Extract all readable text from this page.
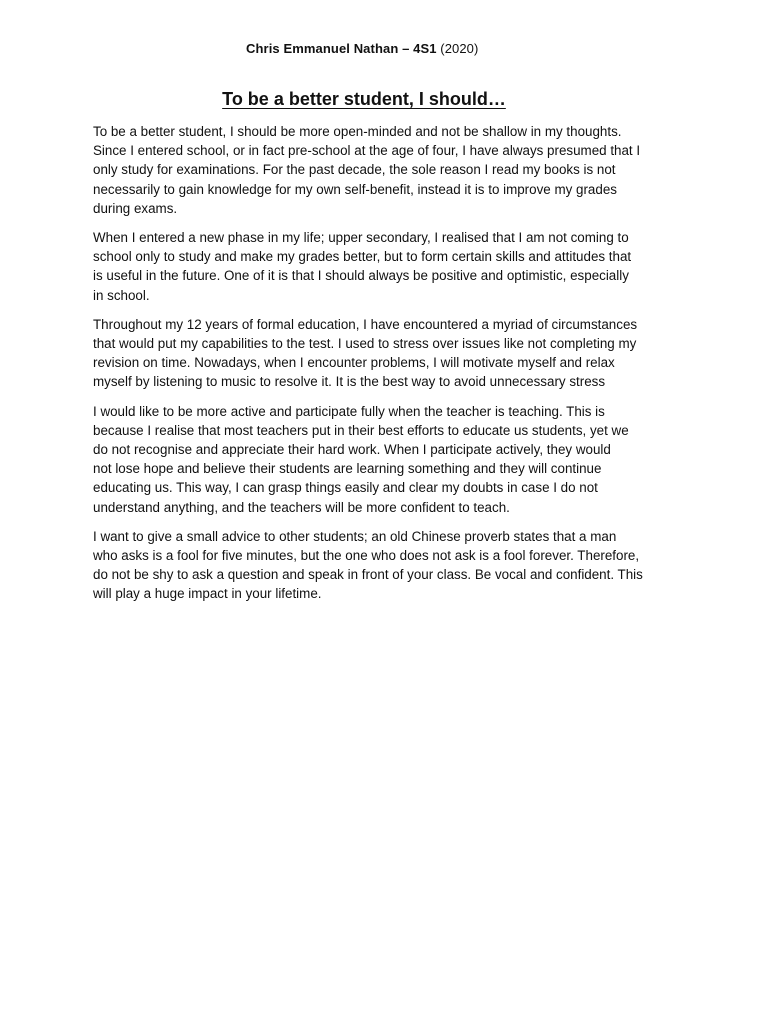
Chris Emmanuel Nathan – 4S1 (2020)
To be a better student, I should…

To be a better student, I should be more open-minded and not be shallow in my thoughts.
Since I entered school, or in fact pre-school at the age of four, I have always presumed that I
only study for examinations. For the past decade, the sole reason I read my books is not
necessarily to gain knowledge for my own self-benefit, instead it is to improve my grades
during exams.

When I entered a new phase in my life; upper secondary, I realised that I am not coming to
school only to study and make my grades better, but to form certain skills and attitudes that
is useful in the future. One of it is that I should always be positive and optimistic, especially
in school.

Throughout my 12 years of formal education, I have encountered a myriad of circumstances
that would put my capabilities to the test. I used to stress over issues like not completing my
revision on time. Nowadays, when I encounter problems, I will motivate myself and relax
myself by listening to music to resolve it. It is the best way to avoid unnecessary stress

I would like to be more active and participate fully when the teacher is teaching. This is
because I realise that most teachers put in their best efforts to educate us students, yet we
do not recognise and appreciate their hard work. When I participate actively, they would
not lose hope and believe their students are learning something and they will continue
educating us. This way, I can grasp things easily and clear my doubts in case I do not
understand anything, and the teachers will be more confident to teach.

I want to give a small advice to other students; an old Chinese proverb states that a man
who asks is a fool for five minutes, but the one who does not ask is a fool forever. Therefore,
do not be shy to ask a question and speak in front of your class. Be vocal and confident. This
will play a huge impact in your lifetime.
